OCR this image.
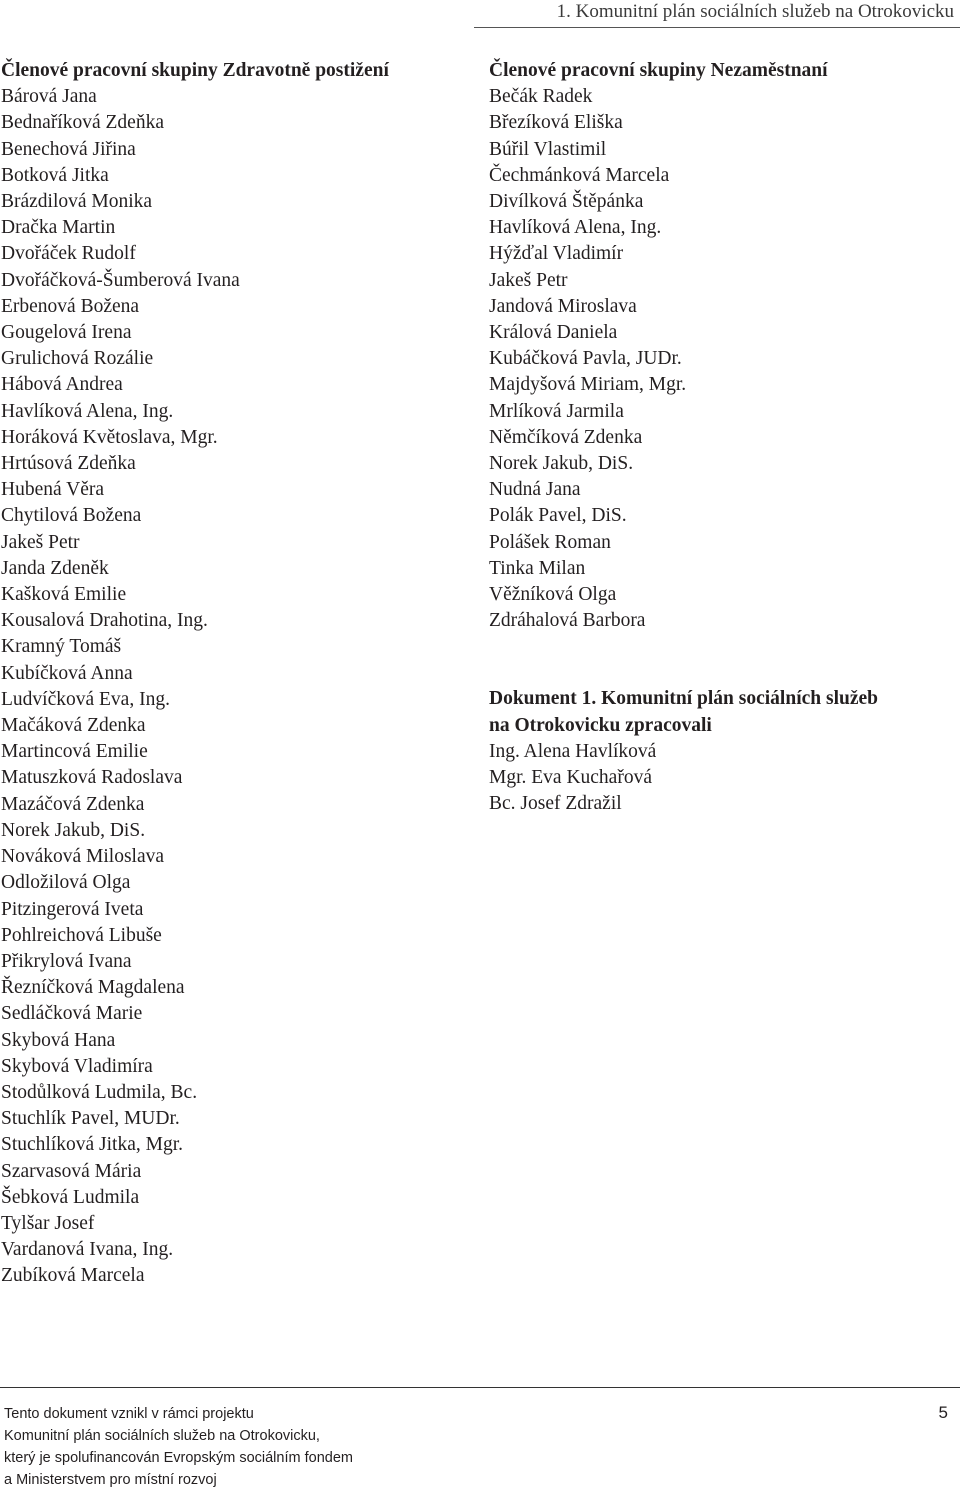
1. Komunitní plán sociálních služeb na Otrokovicku
Členové pracovní skupiny Zdravotně postižení
Bárová Jana
Bednaříková Zdeňka
Benechová Jiřina
Botková Jitka
Brázdilová Monika
Dračka Martin
Dvořáček Rudolf
Dvořáčková-Šumberová Ivana
Erbenová Božena
Gougelová Irena
Grulichová Rozálie
Hábová Andrea
Havlíková Alena, Ing.
Horáková Květoslava, Mgr.
Hrtúsová Zdeňka
Hubená Věra
Chytilová Božena
Jakeš Petr
Janda Zdeněk
Kašková Emilie
Kousalová Drahotina, Ing.
Kramný Tomáš
Kubíčková Anna
Ludvíčková Eva, Ing.
Mačáková Zdenka
Martincová Emilie
Matuszková Radoslava
Mazáčová Zdenka
Norek Jakub, DiS.
Nováková Miloslava
Odložilová Olga
Pitzingerová Iveta
Pohlreichová Libuše
Přikrylová Ivana
Řezníčková Magdalena
Sedláčková Marie
Skybová Hana
Skybová Vladimíra
Stodůlková Ludmila, Bc.
Stuchlík Pavel, MUDr.
Stuchlíková Jitka, Mgr.
Szarvasová Mária
Šebková Ludmila
Tylšar Josef
Vardanová Ivana, Ing.
Zubíková Marcela
Členové pracovní skupiny Nezaměstnaní
Bečák Radek
Březíková Eliška
Búřil Vlastimil
Čechmánková Marcela
Divílková Štěpánka
Havlíková Alena, Ing.
Hýžďal Vladimír
Jakeš Petr
Jandová Miroslava
Králová Daniela
Kubáčková Pavla, JUDr.
Majdyšová Miriam, Mgr.
Mrlíková Jarmila
Němčíková Zdenka
Norek Jakub, DiS.
Nudná Jana
Polák Pavel, DiS.
Polášek Roman
Tinka Milan
Věžníková Olga
Zdráhalová Barbora
Dokument 1. Komunitní plán sociálních služeb
na Otrokovicku zpracovali
Ing. Alena Havlíková
Mgr. Eva Kuchařová
Bc. Josef Zdražil
Tento dokument vznikl v rámci projektu
Komunitní plán sociálních služeb na Otrokovicku,
který je spolufinancován Evropským sociálním fondem
a Ministerstvem pro místní rozvoj
5
